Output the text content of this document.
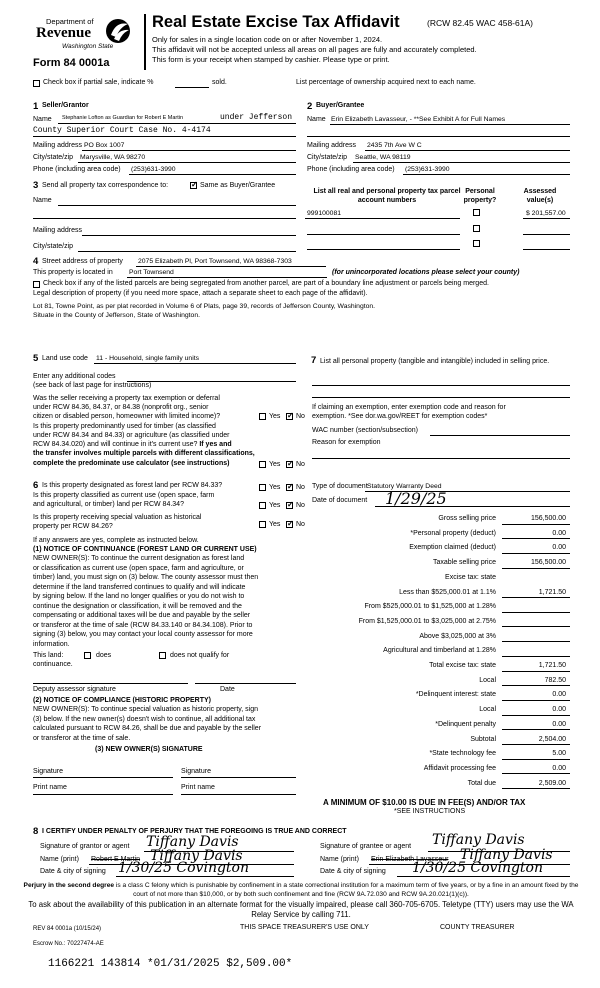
Department of
Revenue
Washington State
Form 84 0001a
Real Estate Excise Tax Affidavit	(RCW 82.45 WAC 458-61A)
Only for sales in a single location code on or after November 1, 2024.
This affidavit will not be accepted unless all areas on all pages are fully and accurately completed.
This form is your receipt when stamped by cashier. Please type or print.
Check box if partial sale, indicate %	sold.	List percentage of ownership acquired next to each name.
1 Seller/Grantor
Name Stephanie Lofton as Guardian for Robert E Martin	under Jefferson
County Superior Court Case No. 4-4174
Mailing address PO Box 1007
City/state/zip Marysville, WA 98270
Phone (including area code) (253)631-3990
2 Buyer/Grantee
Name Erin Elizabeth Lavasseur, - **See Exhibit A for Full Names
Mailing address 2435 7th Ave W C
City/state/zip Seattle, WA 98119
Phone (including area code) (253)631-3990
3 Send all property tax correspondence to: ✓	Same as Buyer/Grantee
Name
Mailing address
City/state/zip
List all real and personal property tax parcel account numbers
Personal property?
Assessed value(s)
999100081	$ 201,557.00
4 Street address of property 2075 Elizabeth Pl, Port Townsend, WA 98368-7303
This property is located in Port Townsend	(for unincorporated locations please select your county)
Check box if any of the listed parcels are being segregated from another parcel, are part of a boundary line adjustment or parcels being merged.
Legal description of property (if you need more space, attach a separate sheet to each page of the affidavit).
Lot 81, Towne Point, as per plat recorded in Volume 6 of Plats, page 39, records of Jefferson County, Washington.
Situate in the County of Jefferson, State of Washington.
5 Land use code 11 - Household, single family units
Enter any additional codes
(see back of last page for instructions)
Was the seller receiving a property tax exemption or deferral
under RCW 84.36, 84.37, or 84.38 (nonprofit org., senior
citizen or disabled person, homeowner with limited income)?	Yes ✓ No
Is this property predominantly used for timber (as classified
under RCW 84.34 and 84.33) or agriculture (as classified under
RCW 84.34.020) and will continue in it's current use? If yes and
the transfer involves multiple parcels with different classifications,
complete the predominate use calculator (see instructions)	Yes ✓ No
7 List all personal property (tangible and intangible) included in selling price.
If claiming an exemption, enter exemption code and reason for
exemption. *See dor.wa.gov/REET for exemption codes*
WAC number (section/subsection)
Reason for exemption
6 Is this property designated as forest land per RCW 84.33?	Yes ✓ No
Is this property classified as current use (open space, farm
and agricultural, or timber) land per RCW 84.34?	Yes ✓ No
Is this property receiving special valuation as historical
property per RCW 84.26?	Yes ✓ No
If any answers are yes, complete as instructed below.
(1) NOTICE OF CONTINUANCE (FOREST LAND OR CURRENT USE)
NEW OWNER(S): To continue the current designation as forest land
or classification as current use (open space, farm and agriculture, or
timber) land, you must sign on (3) below. The county assessor must then
determine if the land transferred continues to qualify and will indicate
by signing below. If the land no longer qualifies or you do not wish to
continue the designation or classification, it will be removed and the
compensating or additional taxes will be due and payable by the seller
or transferor at the time of sale (RCW 84.33.140 or 84.34.108). Prior to
signing (3) below, you may contact your local county assessor for more
information.
This land:	does	does not qualify for
continuance.
Deputy assessor signature	Date
(2) NOTICE OF COMPLIANCE (HISTORIC PROPERTY)
NEW OWNER(S): To continue special valuation as historic property, sign
(3) below. If the new owner(s) doesn't wish to continue, all additional tax
calculated pursuant to RCW 84.26, shall be due and payable by the seller
or transferor at the time of sale.
(3) NEW OWNER(S) SIGNATURE
Signature	Signature
Print name	Print name
Type of document Statutory Warranty Deed
Date of document 1/29/25
Gross selling price	156,500.00
*Personal property (deduct)	0.00
Exemption claimed (deduct)	0.00
Taxable selling price	156,500.00
Excise tax: state
Less than $525,000.01 at 1.1%	1,721.50
From $525,000.01 to $1,525,000 at 1.28%
From $1,525,000.01 to $3,025,000 at 2.75%
Above $3,025,000 at 3%
Agricultural and timberland at 1.28%
Total excise tax: state	1,721.50
Local	782.50
*Delinquent interest: state	0.00
Local	0.00
*Delinquent penalty	0.00
Subtotal	2,504.00
*State technology fee	5.00
Affidavit processing fee	0.00
Total due	2,509.00
A MINIMUM OF $10.00 IS DUE IN FEE(S) AND/OR TAX
*SEE INSTRUCTIONS
8 I CERTIFY UNDER PENALTY OF PERJURY THAT THE FOREGOING IS TRUE AND CORRECT
Signature of grantor or agent Tiffany Davis
Name (print) Robert E Martin Tiffany Davis
Date & city of signing 1/30/25 Covington
Signature of grantee or agent Tiffany Davis
Name (print) Erin Elizabeth Lavasseur Tiffany Davis
Date & city of signing 1/30/25 Covington
Perjury in the second degree is a class C felony which is punishable by confinement in a state correctional institution for a maximum term of five years, or by a fine in an amount fixed by the court of not more than $10,000, or by both such confinement and fine (RCW 9A.72.030 and RCW 9A.20.021(1)(c)).
To ask about the availability of this publication in an alternate format for the visually impaired, please call 360-705-6705. Teletype (TTY) users may use the WA Relay Service by calling 711.
REV 84 0001a (10/15/24)	THIS SPACE TREASURER'S USE ONLY	COUNTY TREASURER
Escrow No.: 70227474-AE
1166221 143814 *01/31/2025 $2,509.00*
